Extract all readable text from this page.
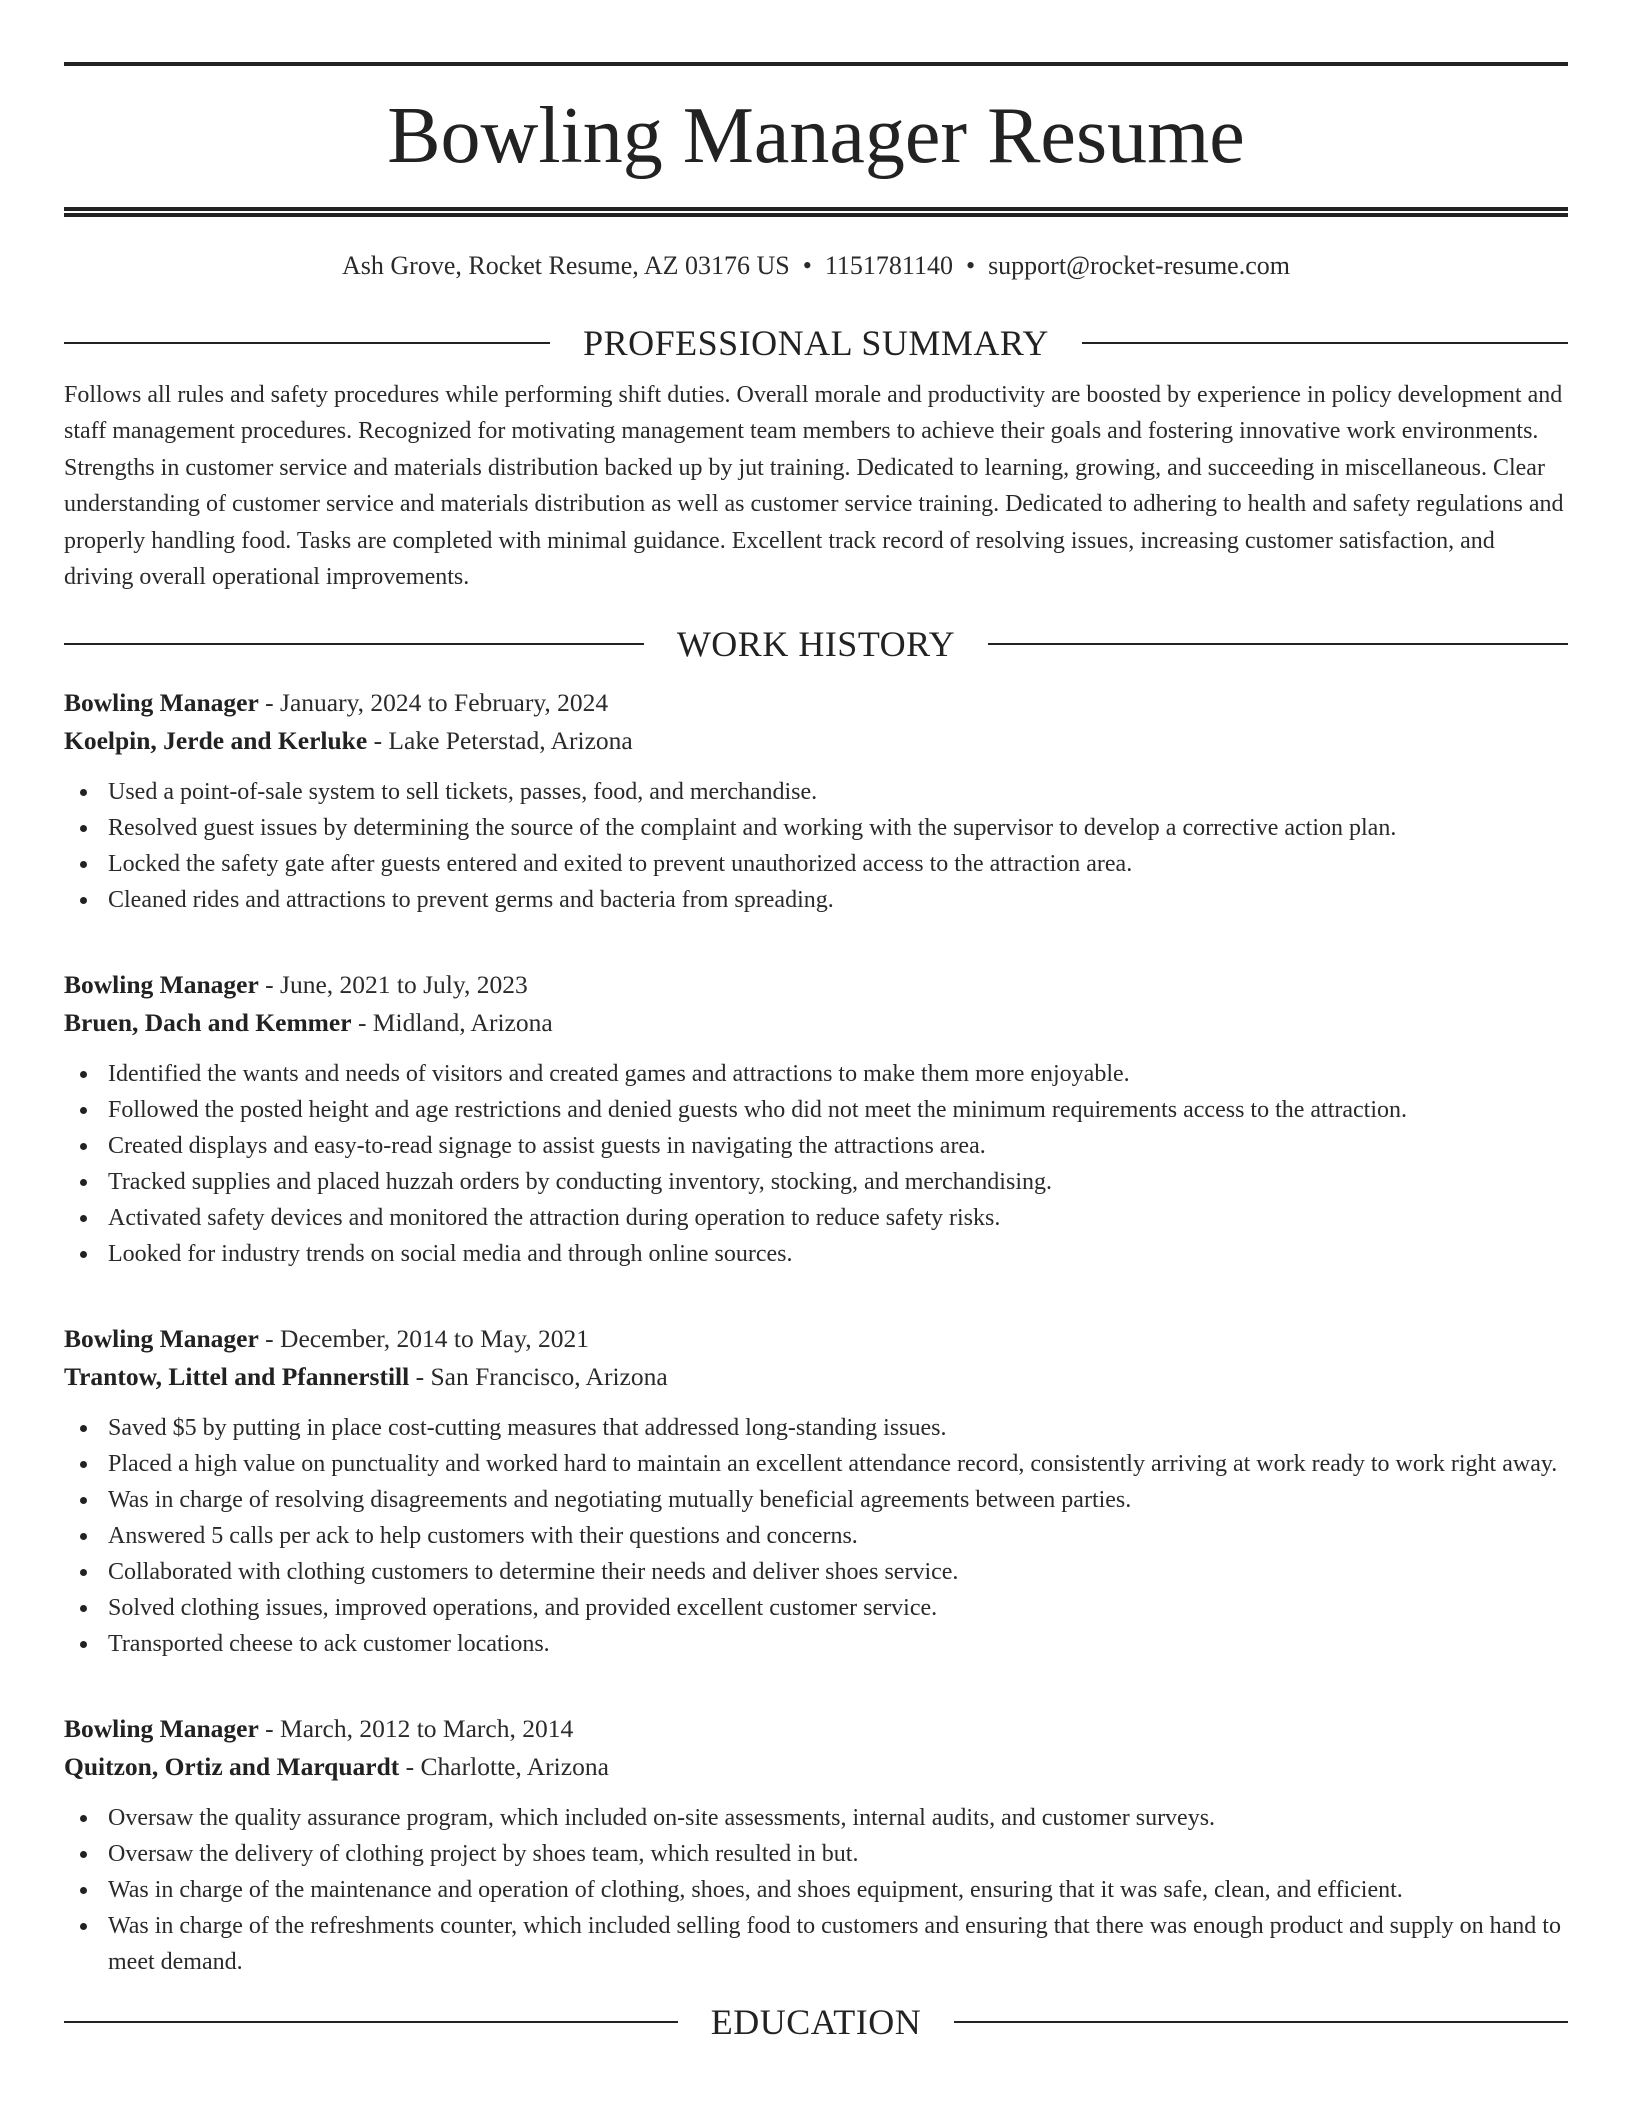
Bowling Manager Resume
Ash Grove, Rocket Resume, AZ 03176 US • 1151781140 • support@rocket-resume.com
PROFESSIONAL SUMMARY

Follows all rules and safety procedures while performing shift duties. Overall morale and productivity are boosted by experience in policy development and staff management procedures. Recognized for motivating management team members to achieve their goals and fostering innovative work environments. Strengths in customer service and materials distribution backed up by jut training. Dedicated to learning, growing, and succeeding in miscellaneous. Clear understanding of customer service and materials distribution as well as customer service training. Dedicated to adhering to health and safety regulations and properly handling food. Tasks are completed with minimal guidance. Excellent track record of resolving issues, increasing customer satisfaction, and driving overall operational improvements.

WORK HISTORY
Bowling Manager - January, 2024 to February, 2024
Koelpin, Jerde and Kerluke - Lake Peterstad, Arizona
Used a point-of-sale system to sell tickets, passes, food, and merchandise.
Resolved guest issues by determining the source of the complaint and working with the supervisor to develop a corrective action plan.
Locked the safety gate after guests entered and exited to prevent unauthorized access to the attraction area.
Cleaned rides and attractions to prevent germs and bacteria from spreading.
Bowling Manager - June, 2021 to July, 2023
Bruen, Dach and Kemmer - Midland, Arizona
Identified the wants and needs of visitors and created games and attractions to make them more enjoyable.
Followed the posted height and age restrictions and denied guests who did not meet the minimum requirements access to the attraction.
Created displays and easy-to-read signage to assist guests in navigating the attractions area.
Tracked supplies and placed huzzah orders by conducting inventory, stocking, and merchandising.
Activated safety devices and monitored the attraction during operation to reduce safety risks.
Looked for industry trends on social media and through online sources.
Bowling Manager - December, 2014 to May, 2021
Trantow, Littel and Pfannerstill - San Francisco, Arizona
Saved $5 by putting in place cost-cutting measures that addressed long-standing issues.
Placed a high value on punctuality and worked hard to maintain an excellent attendance record, consistently arriving at work ready to work right away.
Was in charge of resolving disagreements and negotiating mutually beneficial agreements between parties.
Answered 5 calls per ack to help customers with their questions and concerns.
Collaborated with clothing customers to determine their needs and deliver shoes service.
Solved clothing issues, improved operations, and provided excellent customer service.
Transported cheese to ack customer locations.
Bowling Manager - March, 2012 to March, 2014
Quitzon, Ortiz and Marquardt - Charlotte, Arizona
Oversaw the quality assurance program, which included on-site assessments, internal audits, and customer surveys.
Oversaw the delivery of clothing project by shoes team, which resulted in but.
Was in charge of the maintenance and operation of clothing, shoes, and shoes equipment, ensuring that it was safe, clean, and efficient.
Was in charge of the refreshments counter, which included selling food to customers and ensuring that there was enough product and supply on hand to meet demand.
EDUCATION
